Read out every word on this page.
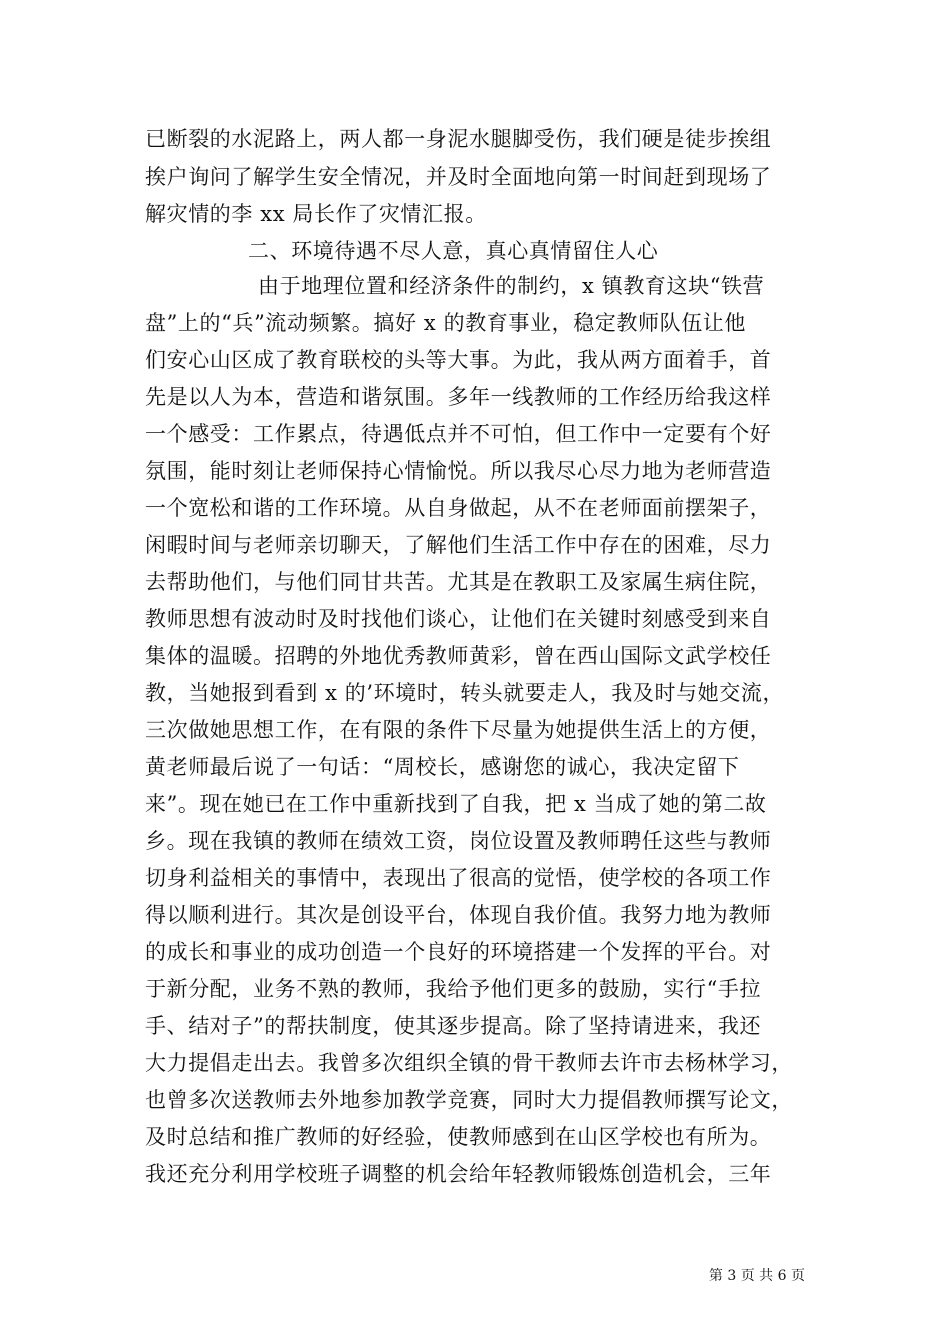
已断裂的水泥路上，两人都一身泥水腿脚受伤，我们硬是徒步挨组
挨户询问了解学生安全情况，并及时全面地向第一时间赶到现场了
解灾情的李 xx 局长作了灾情汇报。
二、环境待遇不尽人意，真心真情留住人心
由于地理位置和经济条件的制约，x 镇教育这块“铁营
盘”上的“兵”流动频繁。搞好 x 的教育事业，稳定教师队伍让他
们安心山区成了教育联校的头等大事。为此，我从两方面着手，首
先是以人为本，营造和谐氛围。多年一线教师的工作经历给我这样
一个感受：工作累点，待遇低点并不可怕，但工作中一定要有个好
氛围，能时刻让老师保持心情愉悦。所以我尽心尽力地为老师营造
一个宽松和谐的工作环境。从自身做起，从不在老师面前摆架子，
闲暇时间与老师亲切聊天，了解他们生活工作中存在的困难，尽力
去帮助他们，与他们同甘共苦。尤其是在教职工及家属生病住院，
教师思想有波动时及时找他们谈心，让他们在关键时刻感受到来自
集体的温暖。招聘的外地优秀教师黄彩，曾在西山国际文武学校任
教，当她报到看到 x 的’环境时，转头就要走人，我及时与她交流，
三次做她思想工作，在有限的条件下尽量为她提供生活上的方便，
黄老师最后说了一句话：“周校长，感谢您的诚心，我决定留下
来”。现在她已在工作中重新找到了自我，把 x 当成了她的第二故
乡。现在我镇的教师在绩效工资，岗位设置及教师聘任这些与教师
切身利益相关的事情中，表现出了很高的觉悟，使学校的各项工作
得以顺利进行。其次是创设平台，体现自我价值。我努力地为教师
的成长和事业的成功创造一个良好的环境搭建一个发挥的平台。对
于新分配，业务不熟的教师，我给予他们更多的鼓励，实行“手拉
手、结对子”的帮扶制度，使其逐步提高。除了坚持请进来，我还
大力提倡走出去。我曾多次组织全镇的骨干教师去许市去杨林学习，
也曾多次送教师去外地参加教学竞赛，同时大力提倡教师撰写论文，
及时总结和推广教师的好经验，使教师感到在山区学校也有所为。
我还充分利用学校班子调整的机会给年轻教师锻炼创造机会，三年
第 3 页 共 6 页
